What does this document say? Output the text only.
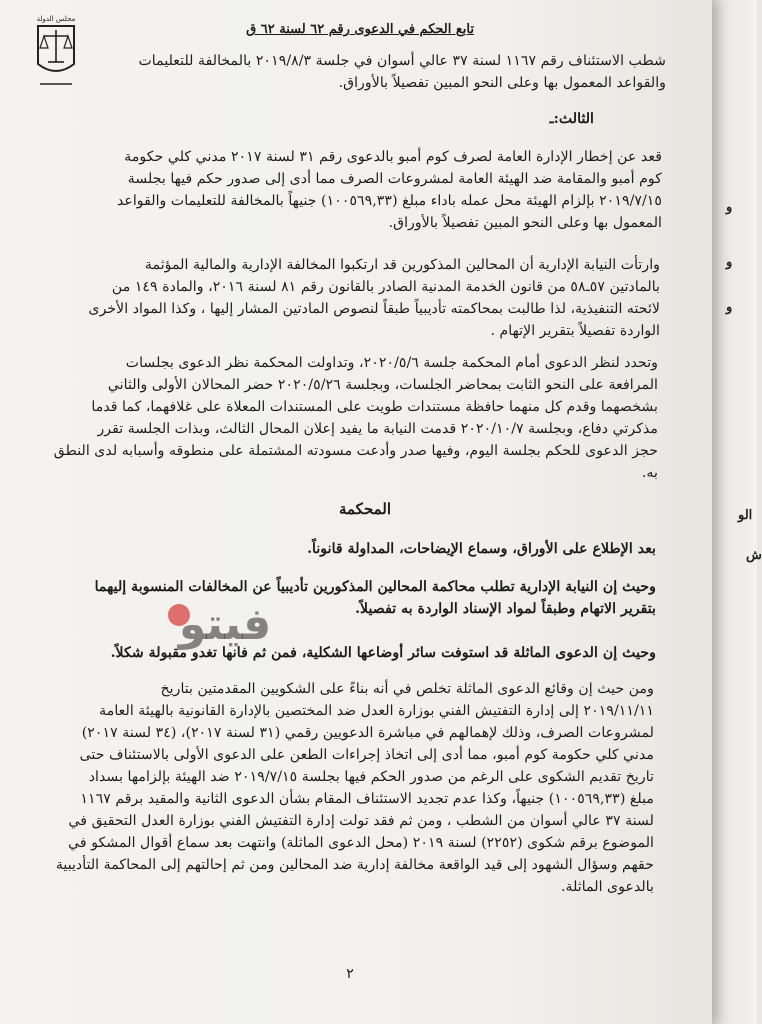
و
و
و
الو
ش
مجلس الدولة
تابع الحكم في الدعوى رقم ٦٢ لسنة ٦٢ ق
شطب الاستئناف رقم ١١٦٧ لسنة ٣٧ عالي أسوان في جلسة ٢٠١٩/٨/٣ بالمخالفة للتعليمات
والقواعد المعمول بها وعلى النحو المبين تفصيلاً بالأوراق.
الثالث:ـ
قعد عن إخطار الإدارة العامة لصرف كوم أمبو بالدعوى رقم ٣١ لسنة ٢٠١٧ مدني كلي حكومة
كوم أمبو والمقامة ضد الهيئة العامة لمشروعات الصرف مما أدى إلى صدور حكم فيها بجلسة
٢٠١٩/٧/١٥ بإلزام الهيئة محل عمله باداء مبلغ (١٠٠٥٦٩,٣٣) جنيهاً بالمخالفة للتعليمات والقواعد
المعمول بها وعلى النحو المبين تفصيلاً بالأوراق.
وارتأت النيابة الإدارية أن المحالين المذكورين قد ارتكبوا المخالفة الإدارية والمالية المؤثمة
بالمادتين ٥٧ـ٥٨ من قانون الخدمة المدنية الصادر بالقانون رقم ٨١ لسنة ٢٠١٦، والمادة ١٤٩ من
لائحته التنفيذية، لذا طالبت بمحاكمته تأديبياً طبقاً لنصوص المادتين المشار إليها ، وكذا المواد الأخرى
الواردة تفصيلاً بتقرير الإتهام .
وتحدد لنظر الدعوى أمام المحكمة جلسة ٢٠٢٠/٥/٦، وتداولت المحكمة نظر الدعوى بجلسات
المرافعة على النحو الثابت بمحاضر الجلسات، وبجلسة ٢٠٢٠/٥/٢٦ حضر المحالان الأولى والثاني
بشخصهما وقدم كل منهما حافظة مستندات طويت على المستندات المعلاة على غلافهما، كما قدما
مذكرتي دفاع، وبجلسة ٢٠٢٠/١٠/٧ قدمت النيابة ما يفيد إعلان المحال الثالث، وبذات الجلسة تقرر
حجز الدعوى للحكم بجلسة اليوم، وفيها صدر وأدعت مسودته المشتملة على منطوقه وأسبابه لدى النطق
به.
المحكمة
بعد الإطلاع على الأوراق، وسماع الإيضاحات، المداولة قانوناً.
وحيث إن النيابة الإدارية تطلب محاكمة المحالين المذكورين تأديبياً عن المخالفات المنسوبة إليهما
بتقرير الاتهام وطبقاً لمواد الإسناد الواردة به تفصيلاً.
وحيث إن الدعوى الماثلة قد استوفت سائر أوضاعها الشكلية، فمن ثم فانها تغدو مقبولة شكلاً.
ومن حيث إن وقائع الدعوى الماثلة تخلص في أنه بناءً على الشكويين المقدمتين بتاريخ
٢٠١٩/١١/١١ إلى إدارة التفتيش الفني بوزارة العدل ضد المختصين بالإدارة القانونية بالهيئة العامة
لمشروعات الصرف، وذلك لإهمالهم في مباشرة الدعويين رقمي (٣١ لسنة ٢٠١٧)، (٣٤ لسنة ٢٠١٧)
مدني كلي حكومة كوم أمبو، مما أدى إلى اتخاذ إجراءات الطعن على الدعوى الأولى بالاستئناف حتى
تاريخ تقديم الشكوى على الرغم من صدور الحكم فيها بجلسة ٢٠١٩/٧/١٥ ضد الهيئة بإلزامها بسداد
مبلغ (١٠٠٥٦٩,٣٣) جنيهاً، وكذا عدم تجديد الاستئناف المقام بشأن الدعوى الثانية والمقيد برقم ١١٦٧
لسنة ٣٧ عالي أسوان من الشطب ، ومن ثم فقد تولت إدارة التفتيش الفني بوزارة العدل التحقيق في
الموضوع برقم شكوى (٢٢٥٢) لسنة ٢٠١٩ (محل الدعوى الماثلة) وانتهت بعد سماع أقوال المشكو في
حقهم وسؤال الشهود إلى قيد الواقعة مخالفة إدارية ضد المحالين ومن ثم إحالتهم إلى المحاكمة التأديبية
بالدعوى الماثلة.
فيتو
٢
